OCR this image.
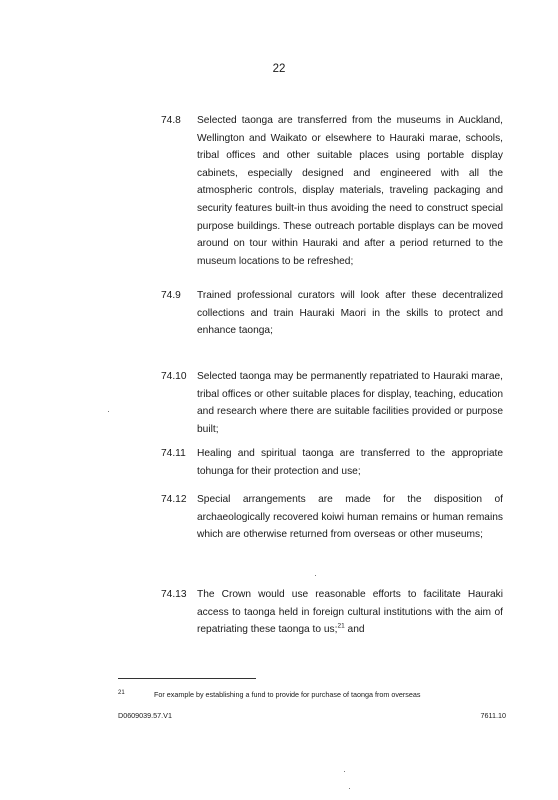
22
74.8 Selected taonga are transferred from the museums in Auckland, Wellington and Waikato or elsewhere to Hauraki marae, schools, tribal offices and other suitable places using portable display cabinets, especially designed and engineered with all the atmospheric controls, display materials, traveling packaging and security features built-in thus avoiding the need to construct special purpose buildings. These outreach portable displays can be moved around on tour within Hauraki and after a period returned to the museum locations to be refreshed;
74.9 Trained professional curators will look after these decentralized collections and train Hauraki Maori in the skills to protect and enhance taonga;
74.10 Selected taonga may be permanently repatriated to Hauraki marae, tribal offices or other suitable places for display, teaching, education and research where there are suitable facilities provided or purpose built;
74.11 Healing and spiritual taonga are transferred to the appropriate tohunga for their protection and use;
74.12 Special arrangements are made for the disposition of archaeologically recovered koiwi human remains or human remains which are otherwise returned from overseas or other museums;
74.13 The Crown would use reasonable efforts to facilitate Hauraki access to taonga held in foreign cultural institutions with the aim of repatriating these taonga to us;$^{21}$ and
21	For example by establishing a fund to provide for purchase of taonga from overseas
D0609039.57.V1	7611.10
